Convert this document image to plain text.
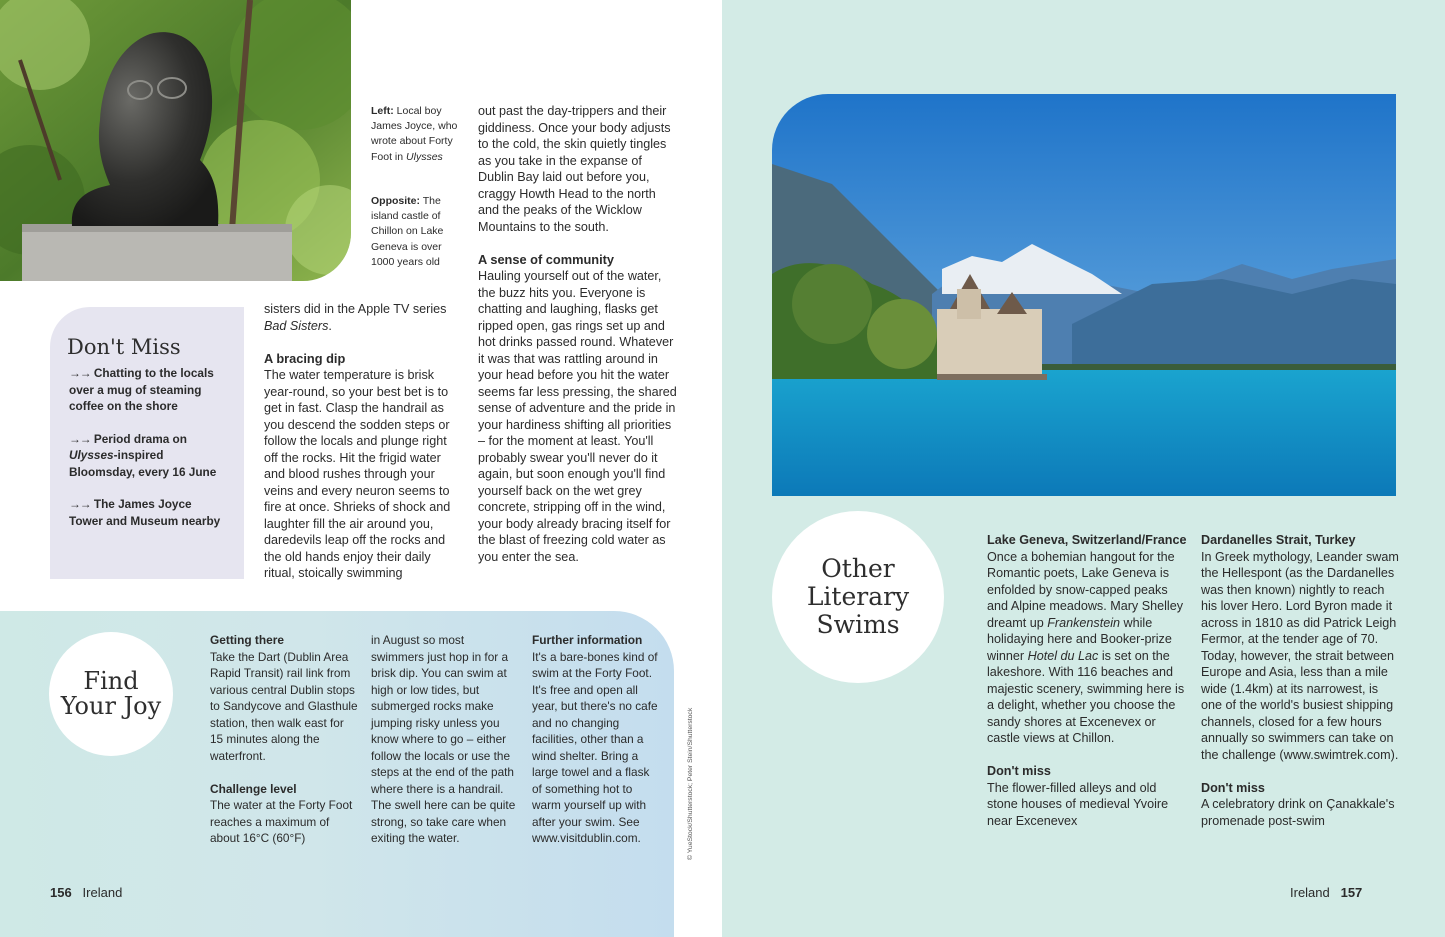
Left: Local boy James Joyce, who wrote about Forty Foot in Ulysses
Opposite: The island castle of Chillon on Lake Geneva is over 1000 years old

sisters did in the Apple TV series Bad Sisters.

A bracing dip

The water temperature is brisk year-round, so your best bet is to get in fast. Clasp the handrail as you descend the sodden steps or follow the locals and plunge right off the rocks. Hit the frigid water and blood rushes through your veins and every neuron seems to fire at once. Shrieks of shock and laughter fill the air around you, daredevils leap off the rocks and the old hands enjoy their daily ritual, stoically swimming

out past the day-trippers and their giddiness. Once your body adjusts to the cold, the skin quietly tingles as you take in the expanse of Dublin Bay laid out before you, craggy Howth Head to the north and the peaks of the Wicklow Mountains to the south.

A sense of community

Hauling yourself out of the water, the buzz hits you. Everyone is chatting and laughing, flasks get ripped open, gas rings set up and hot drinks passed round. Whatever it was that was rattling around in your head before you hit the water seems far less pressing, the shared sense of adventure and the pride in your hardiness shifting all priorities – for the moment at least. You'll probably swear you'll never do it again, but soon enough you'll find yourself back on the wet grey concrete, stripping off in the wind, your body already bracing itself for the blast of freezing cold water as you enter the sea.

Don't Miss

→→ Chatting to the locals over a mug of steaming coffee on the shore

→→ Period drama on Ulysses-inspired Bloomsday, every 16 June

→→ The James Joyce Tower and Museum nearby

Find Your Joy

Getting there

Take the Dart (Dublin Area Rapid Transit) rail link from various central Dublin stops to Sandycove and Glasthule station, then walk east for 15 minutes along the waterfront.

Challenge level

The water at the Forty Foot reaches a maximum of about 16°C (60°F)

in August so most swimmers just hop in for a brisk dip. You can swim at high or low tides, but submerged rocks make jumping risky unless you know where to go – either follow the locals or use the steps at the end of the path where there is a handrail. The swell here can be quite strong, so take care when exiting the water.

Further information

It's a bare-bones kind of swim at the Forty Foot. It's free and open all year, but there's no cafe and no changing facilities, other than a wind shelter. Bring a large towel and a flask of something hot to warm yourself up with after your swim. See www.visitdublin.com.	© YueStock/Shutterstock; Peter Stein/Shutterstock
156 Ireland
Other Literary Swims

Lake Geneva, Switzerland/France

Once a bohemian hangout for the Romantic poets, Lake Geneva is enfolded by snow-capped peaks and Alpine meadows. Mary Shelley dreamt up Frankenstein while holidaying here and Booker-prize winner Hotel du Lac is set on the lakeshore. With 116 beaches and majestic scenery, swimming here is a delight, whether you choose the sandy shores at Excenevex or castle views at Chillon.

Don't miss

The flower-filled alleys and old stone houses of medieval Yvoire near Excenevex

Dardanelles Strait, Turkey

In Greek mythology, Leander swam the Hellespont (as the Dardanelles was then known) nightly to reach his lover Hero. Lord Byron made it across in 1810 as did Patrick Leigh Fermor, at the tender age of 70. Today, however, the strait between Europe and Asia, less than a mile wide (1.4km) at its narrowest, is one of the world's busiest shipping channels, closed for a few hours annually so swimmers can take on the challenge (www.swimtrek.com).

Don't miss

A celebratory drink on Çanakkale's promenade post-swim

Ireland 157
